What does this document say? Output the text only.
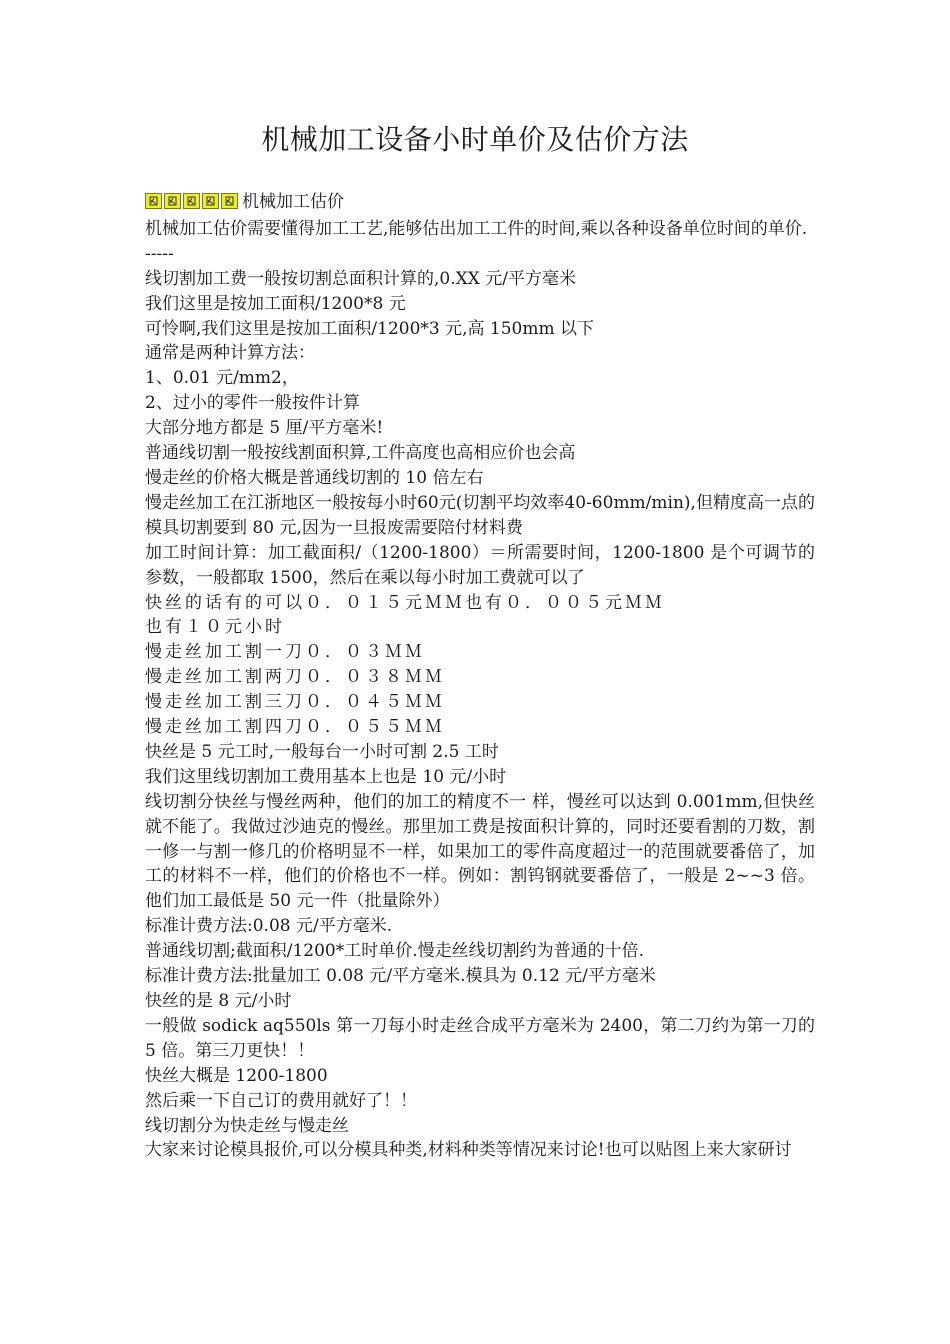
机械加工设备小时单价及估价方法
机械加工估价
机械加工估价需要懂得加工工艺,能够估出加工工件的时间,乘以各种设备单位时间的单价.
-----
线切割加工费一般按切割总面积计算的,0.XX 元/平方毫米
我们这里是按加工面积/1200*8 元
可怜啊,我们这里是按加工面积/1200*3 元,高 150mm 以下
通常是两种计算方法：
1、0.01 元/mm2，
2、过小的零件一般按件计算
大部分地方都是 5 厘/平方毫米!
普通线切割一般按线割面积算,工件高度也高相应价也会高
慢走丝的价格大概是普通线切割的 10 倍左右
慢走丝加工在江浙地区一般按每小时60元(切割平均效率40-60mm/min),但精度高一点的模具切割要到 80 元,因为一旦报废需要陪付材料费
加工时间计算：加工截面积/（1200-1800）＝所需要时间，1200-1800 是个可调节的参数，一般都取 1500，然后在乘以每小时加工费就可以了
快丝的话有的可以０．０１５元ＭＭ也有０．００５元ＭＭ
也有１０元小时
慢走丝加工割一刀０．０３ＭＭ
慢走丝加工割两刀０．０３８ＭＭ
慢走丝加工割三刀０．０４５ＭＭ
慢走丝加工割四刀０．０５５ＭＭ
快丝是 5 元工时,一般每台一小时可割 2.5 工时
我们这里线切割加工费用基本上也是 10 元/小时
线切割分快丝与慢丝两种，他们的加工的精度不一 样，慢丝可以达到 0.001mm,但快丝就不能了。我做过沙迪克的慢丝。那里加工费是按面积计算的，同时还要看割的刀数，割一修一与割一修几的价格明显不一样，如果加工的零件高度超过一的范围就要番倍了，加工的材料不一样，他们的价格也不一样。例如：割钨钢就要番倍了，一般是 2~~3 倍。他们加工最低是 50 元一件（批量除外）
标准计费方法:0.08 元/平方毫米.
普通线切割;截面积/1200*工时单价.慢走丝线切割约为普通的十倍.
标准计费方法:批量加工 0.08 元/平方毫米.模具为 0.12 元/平方毫米
快丝的是 8 元/小时
一般做 sodick aq550ls 第一刀每小时走丝合成平方毫米为 2400，第二刀约为第一刀的 5 倍。第三刀更快！！
快丝大概是 1200-1800
然后乘一下自己订的费用就好了！！
线切割分为快走丝与慢走丝
大家来讨论模具报价,可以分模具种类,材料种类等情况来讨论!也可以贴图上来大家研讨
